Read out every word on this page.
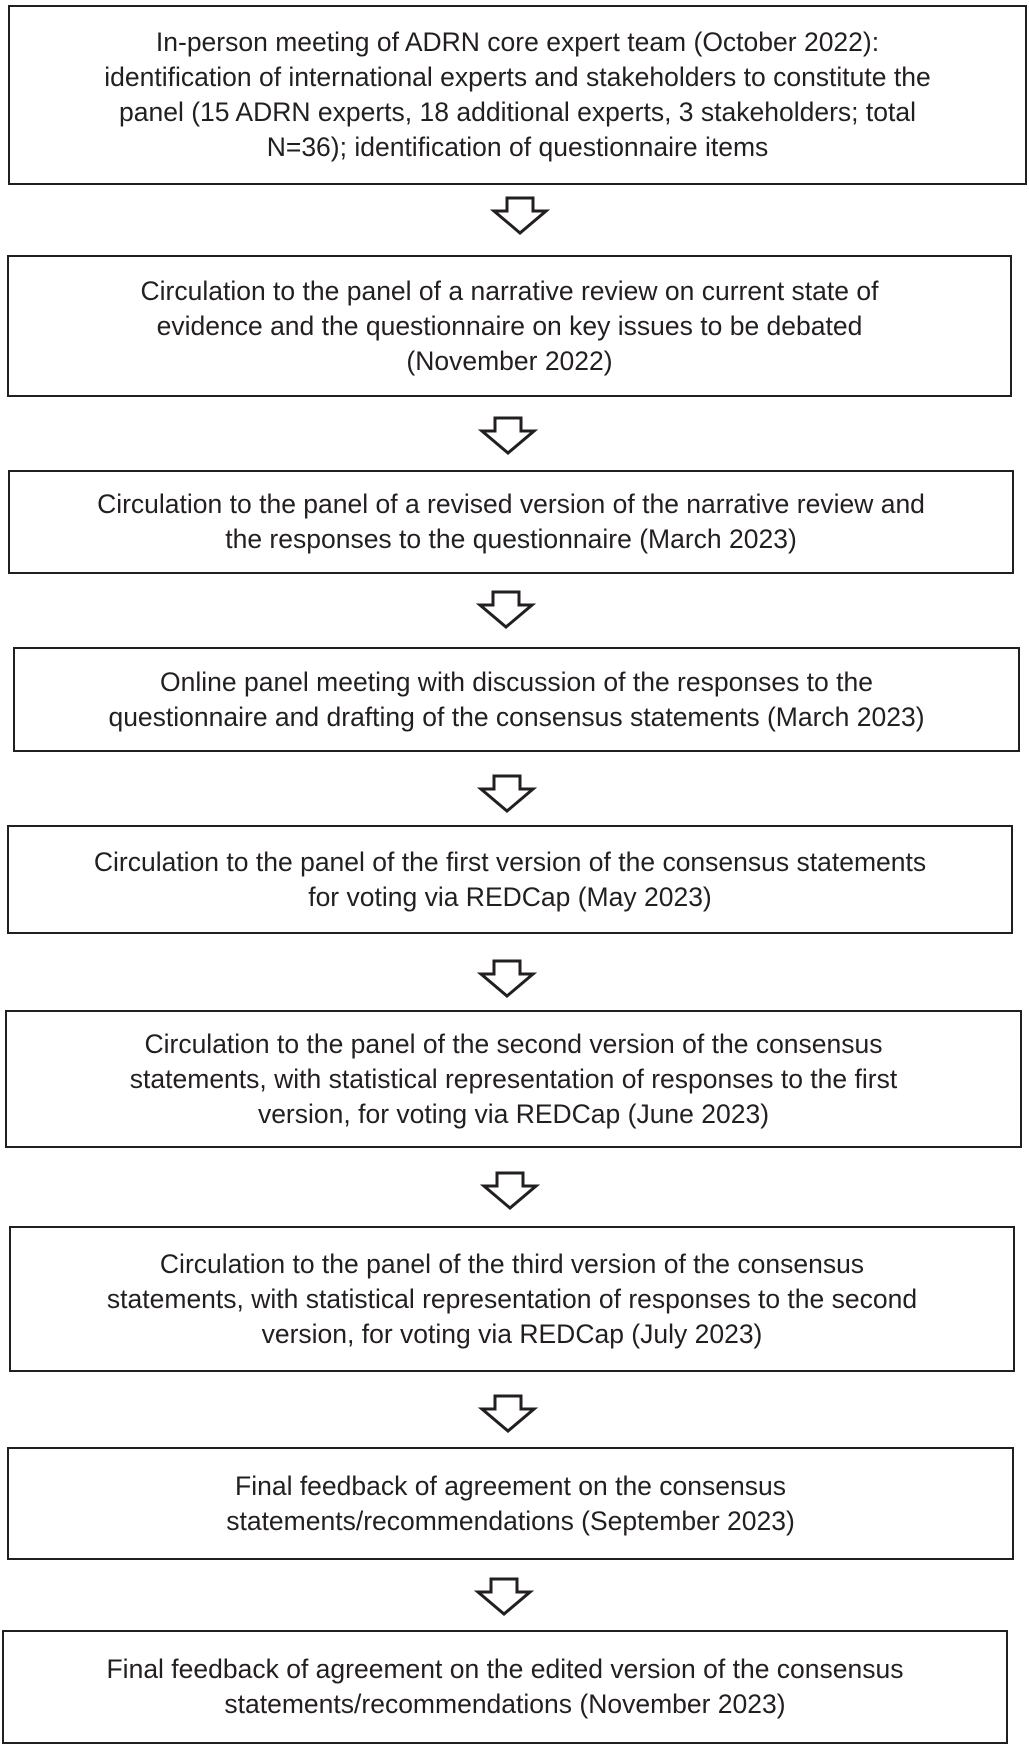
In-person meeting of ADRN core expert team (October 2022):
identification of international experts and stakeholders to constitute the
panel (15 ADRN experts, 18 additional experts, 3 stakeholders; total
N=36); identification of questionnaire items
Circulation to the panel of a narrative review on current state of
evidence and the questionnaire on key issues to be debated
(November 2022)
Circulation to the panel of a revised version of the narrative review and
the responses to the questionnaire (March 2023)
Online panel meeting with discussion of the responses to the
questionnaire and drafting of the consensus statements (March 2023)
Circulation to the panel of the first version of the consensus statements
for voting via REDCap (May 2023)
Circulation to the panel of the second version of the consensus
statements, with statistical representation of responses to the first
version, for voting via REDCap (June 2023)
Circulation to the panel of the third version of the consensus
statements, with statistical representation of responses to the second
version, for voting via REDCap (July 2023)
Final feedback of agreement on the consensus
statements/recommendations (September 2023)
Final feedback of agreement on the edited version of the consensus
statements/recommendations (November 2023)
